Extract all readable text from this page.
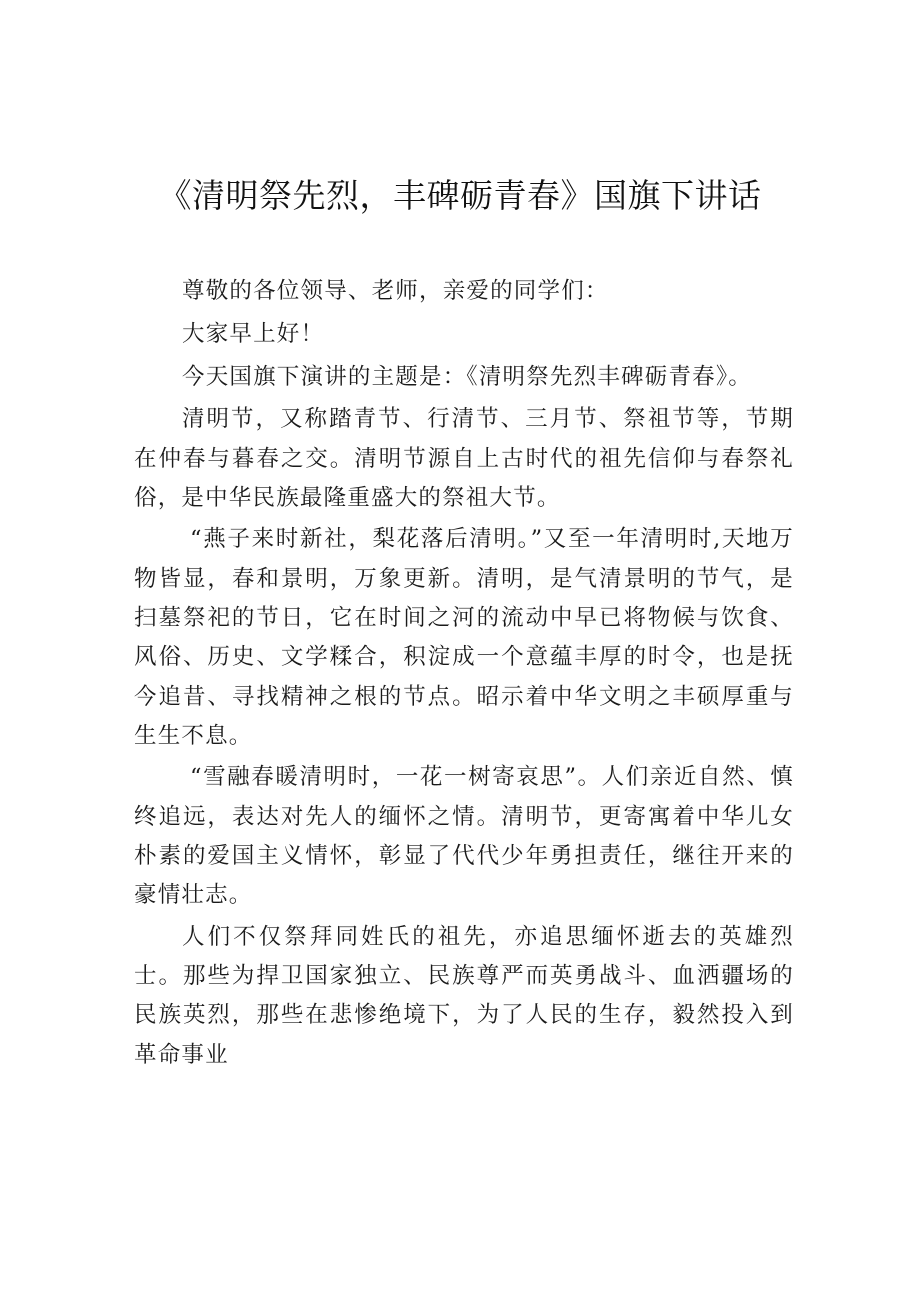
《清明祭先烈，丰碑砺青春》国旗下讲话

尊敬的各位领导、老师，亲爱的同学们：

大家早上好！

今天国旗下演讲的主题是：《清明祭先烈丰碑砺青春》。

清明节，又称踏青节、行清节、三月节、祭祖节等，节期在仲春与暮春之交。清明节源自上古时代的祖先信仰与春祭礼俗，是中华民族最隆重盛大的祭祖大节。

“燕子来时新社，梨花落后清明。”又至一年清明时,天地万物皆显，春和景明，万象更新。清明，是气清景明的节气，是扫墓祭祀的节日，它在时间之河的流动中早已将物候与饮食、风俗、历史、文学糅合，积淀成一个意蕴丰厚的时令，也是抚今追昔、寻找精神之根的节点。昭示着中华文明之丰硕厚重与生生不息。

“雪融春暖清明时，一花一树寄哀思”。人们亲近自然、慎终追远，表达对先人的缅怀之情。清明节，更寄寓着中华儿女朴素的爱国主义情怀，彰显了代代少年勇担责任，继往开来的豪情壮志。

人们不仅祭拜同姓氏的祖先，亦追思缅怀逝去的英雄烈士。那些为捍卫国家独立、民族尊严而英勇战斗、血洒疆场的民族英烈，那些在悲惨绝境下，为了人民的生存，毅然投入到革命事业
